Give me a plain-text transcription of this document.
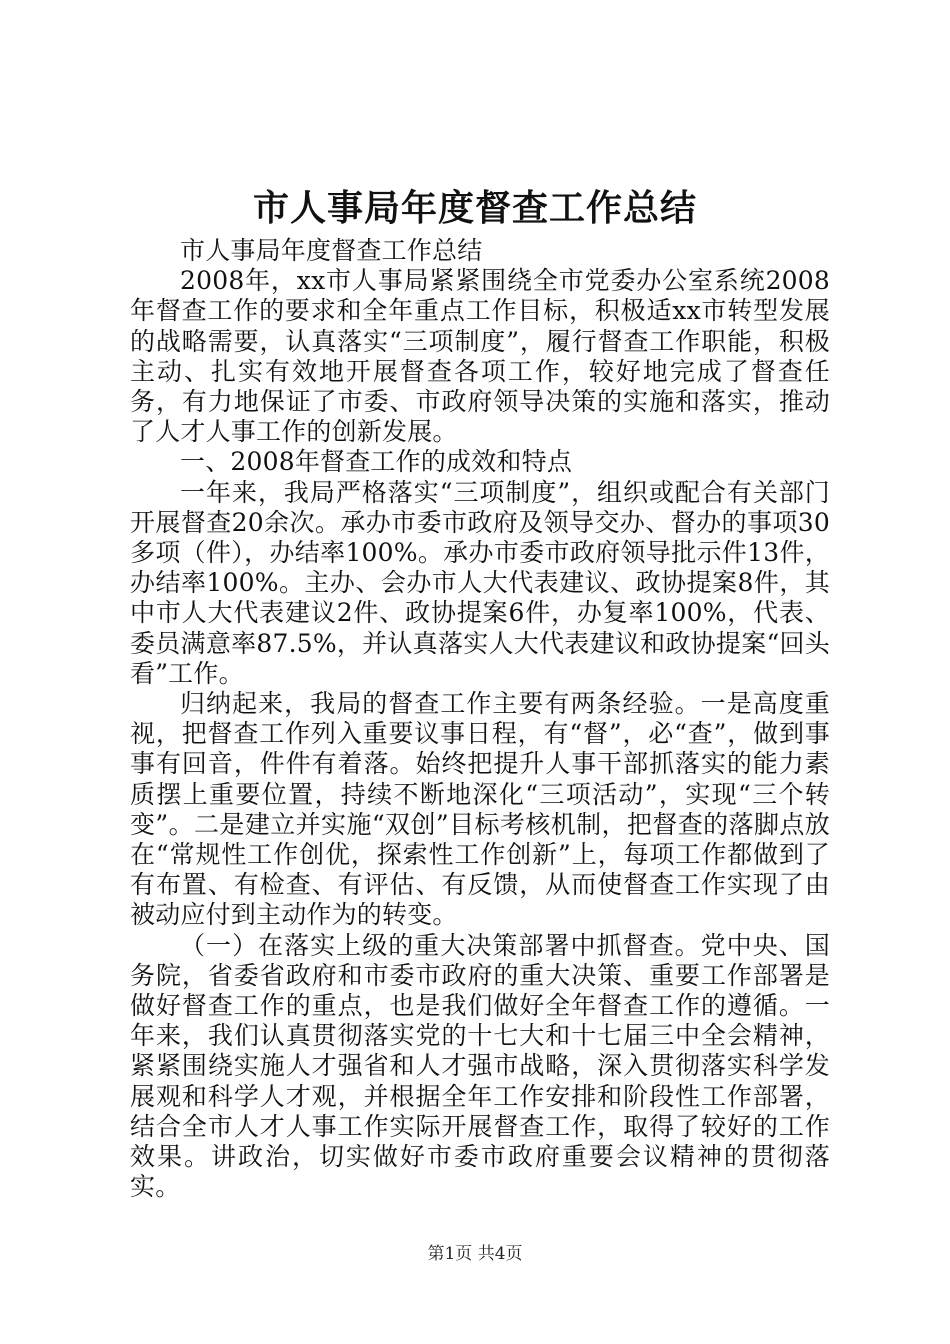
市人事局年度督查工作总结

市人事局年度督查工作总结

2008年，xx市人事局紧紧围绕全市党委办公室系统2008年督查工作的要求和全年重点工作目标，积极适xx市转型发展的战略需要，认真落实“三项制度”，履行督查工作职能，积极主动、扎实有效地开展督查各项工作，较好地完成了督查任务，有力地保证了市委、市政府领导决策的实施和落实，推动了人才人事工作的创新发展。

一、2008年督查工作的成效和特点

一年来，我局严格落实“三项制度”，组织或配合有关部门开展督查20余次。承办市委市政府及领导交办、督办的事项30多项（件），办结率100%。承办市委市政府领导批示件13件，办结率100%。主办、会办市人大代表建议、政协提案8件，其中市人大代表建议2件、政协提案6件，办复率100%，代表、委员满意率87.5%，并认真落实人大代表建议和政协提案“回头看”工作。

归纳起来，我局的督查工作主要有两条经验。一是高度重视，把督查工作列入重要议事日程，有“督”，必“查”，做到事事有回音，件件有着落。始终把提升人事干部抓落实的能力素质摆上重要位置，持续不断地深化“三项活动”，实现“三个转变”。二是建立并实施“双创”目标考核机制，把督查的落脚点放在“常规性工作创优，探索性工作创新”上，每项工作都做到了有布置、有检查、有评估、有反馈，从而使督查工作实现了由被动应付到主动作为的转变。

（一）在落实上级的重大决策部署中抓督查。党中央、国务院，省委省政府和市委市政府的重大决策、重要工作部署是做好督查工作的重点，也是我们做好全年督查工作的遵循。一年来，我们认真贯彻落实党的十七大和十七届三中全会精神，紧紧围绕实施人才强省和人才强市战略，深入贯彻落实科学发展观和科学人才观，并根据全年工作安排和阶段性工作部署，结合全市人才人事工作实际开展督查工作，取得了较好的工作效果。讲政治，切实做好市委市政府重要会议精神的贯彻落实。

第1页 共4页
